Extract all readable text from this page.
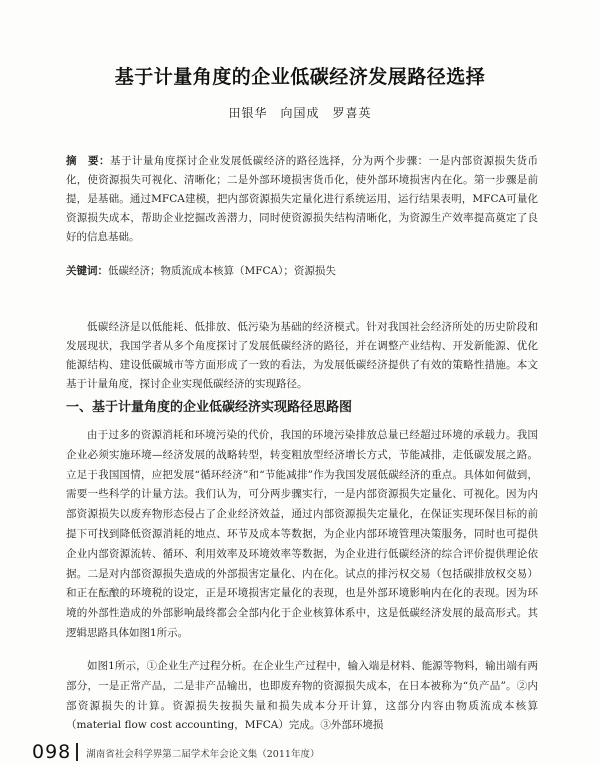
基于计量角度的企业低碳经济发展路径选择
田银华　向国成　罗喜英
摘　要：基于计量角度探讨企业发展低碳经济的路径选择，分为两个步骤：一是内部资源损失货币化，使资源损失可视化、清晰化；二是外部环境损害货币化，使外部环境损害内在化。第一步骤是前提，是基础。通过MFCA建模，把内部资源损失定量化进行系统运用，运行结果表明，MFCA可量化资源损失成本，帮助企业挖掘改善潜力，同时使资源损失结构清晰化，为资源生产效率提高奠定了良好的信息基础。
关键词：低碳经济；物质流成本核算（MFCA）；资源损失

低碳经济是以低能耗、低排放、低污染为基础的经济模式。针对我国社会经济所处的历史阶段和发展现状，我国学者从多个角度探讨了发展低碳经济的路径，并在调整产业结构、开发新能源、优化能源结构、建设低碳城市等方面形成了一致的看法，为发展低碳经济提供了有效的策略性措施。本文基于计量角度，探讨企业实现低碳经济的实现路径。

一、基于计量角度的企业低碳经济实现路径思路图

由于过多的资源消耗和环境污染的代价，我国的环境污染排放总量已经超过环境的承载力。我国企业必须实施环境—经济发展的战略转型，转变粗放型经济增长方式，节能减排，走低碳发展之路。立足于我国国情，应把发展“循环经济”和“节能减排”作为我国发展低碳经济的重点。具体如何做到，需要一些科学的计量方法。我们认为，可分两步骤实行，一是内部资源损失定量化、可视化。因为内部资源损失以废弃物形态侵占了企业经济效益，通过内部资源损失定量化，在保证实现环保目标的前提下可找到降低资源消耗的地点、环节及成本等数据，为企业内部环境管理决策服务，同时也可提供企业内部资源流转、循环、利用效率及环境效率等数据，为企业进行低碳经济的综合评价提供理论依据。二是对内部资源损失造成的外部损害定量化、内在化。试点的排污权交易（包括碳排放权交易）和正在酝酿的环境税的设定，正是环境损害定量化的表现，也是外部环境影响内在化的表现。因为环境的外部性造成的外部影响最终都会全部内化于企业核算体系中，这是低碳经济发展的最高形式。其逻辑思路具体如图1所示。

如图1所示，①企业生产过程分析。在企业生产过程中，输入端是材料、能源等物料，输出端有两部分，一是正常产品，二是非产品输出，也即废弃物的资源损失成本，在日本被称为“负产品”。②内部资源损失的计算。资源损失按损失量和损失成本分开计算，这部分内容由物质流成本核算（material flow cost accounting，MFCA）完成。③外部环境损

098 湖南省社会科学界第二届学术年会论文集（2011年度）
